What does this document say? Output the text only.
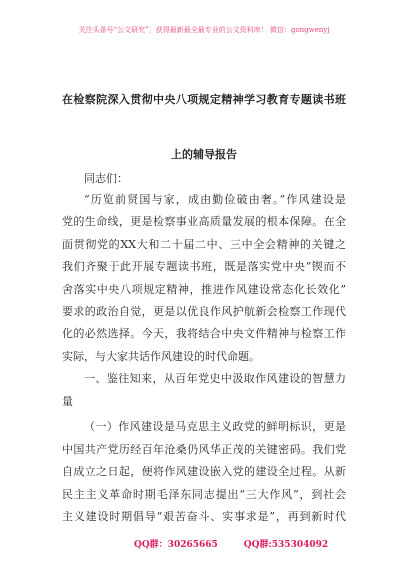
关注头条号“公文研究”，获得最新最全最专业的公文资料库！ 微信：gongwenyj
在检察院深入贯彻中央八项规定精神学习教育专题读书班
上的辅导报告
同志们：
“历览前贤国与家，成由勤俭破由奢。”作风建设是
党的生命线，更是检察事业高质量发展的根本保障。在全
面贯彻党的XX大和二十届二中、三中全会精神的关键之
我们齐聚于此开展专题读书班，既是落实党中央“锲而不
舍落实中央八项规定精神，推进作风建设常态化长效化”
要求的政治自觉，更是以优良作风护航新会检察工作现代
化的必然选择。今天，我将结合中央文件精神与检察工作
实际，与大家共话作风建设的时代命题。
一、鉴往知来，从百年党史中汲取作风建设的智慧力
量
（一）作风建设是马克思主义政党的鲜明标识，更是
中国共产党历经百年沧桑仍风华正茂的关键密码。我们党
自成立之日起，便将作风建设嵌入党的建设全过程。从新
民主主义革命时期毛泽东同志提出“三大作风”，到社会
主义建设时期倡导“艰苦奋斗、实事求是”，再到新时代
QQ群：30265665	QQ群:535304092
